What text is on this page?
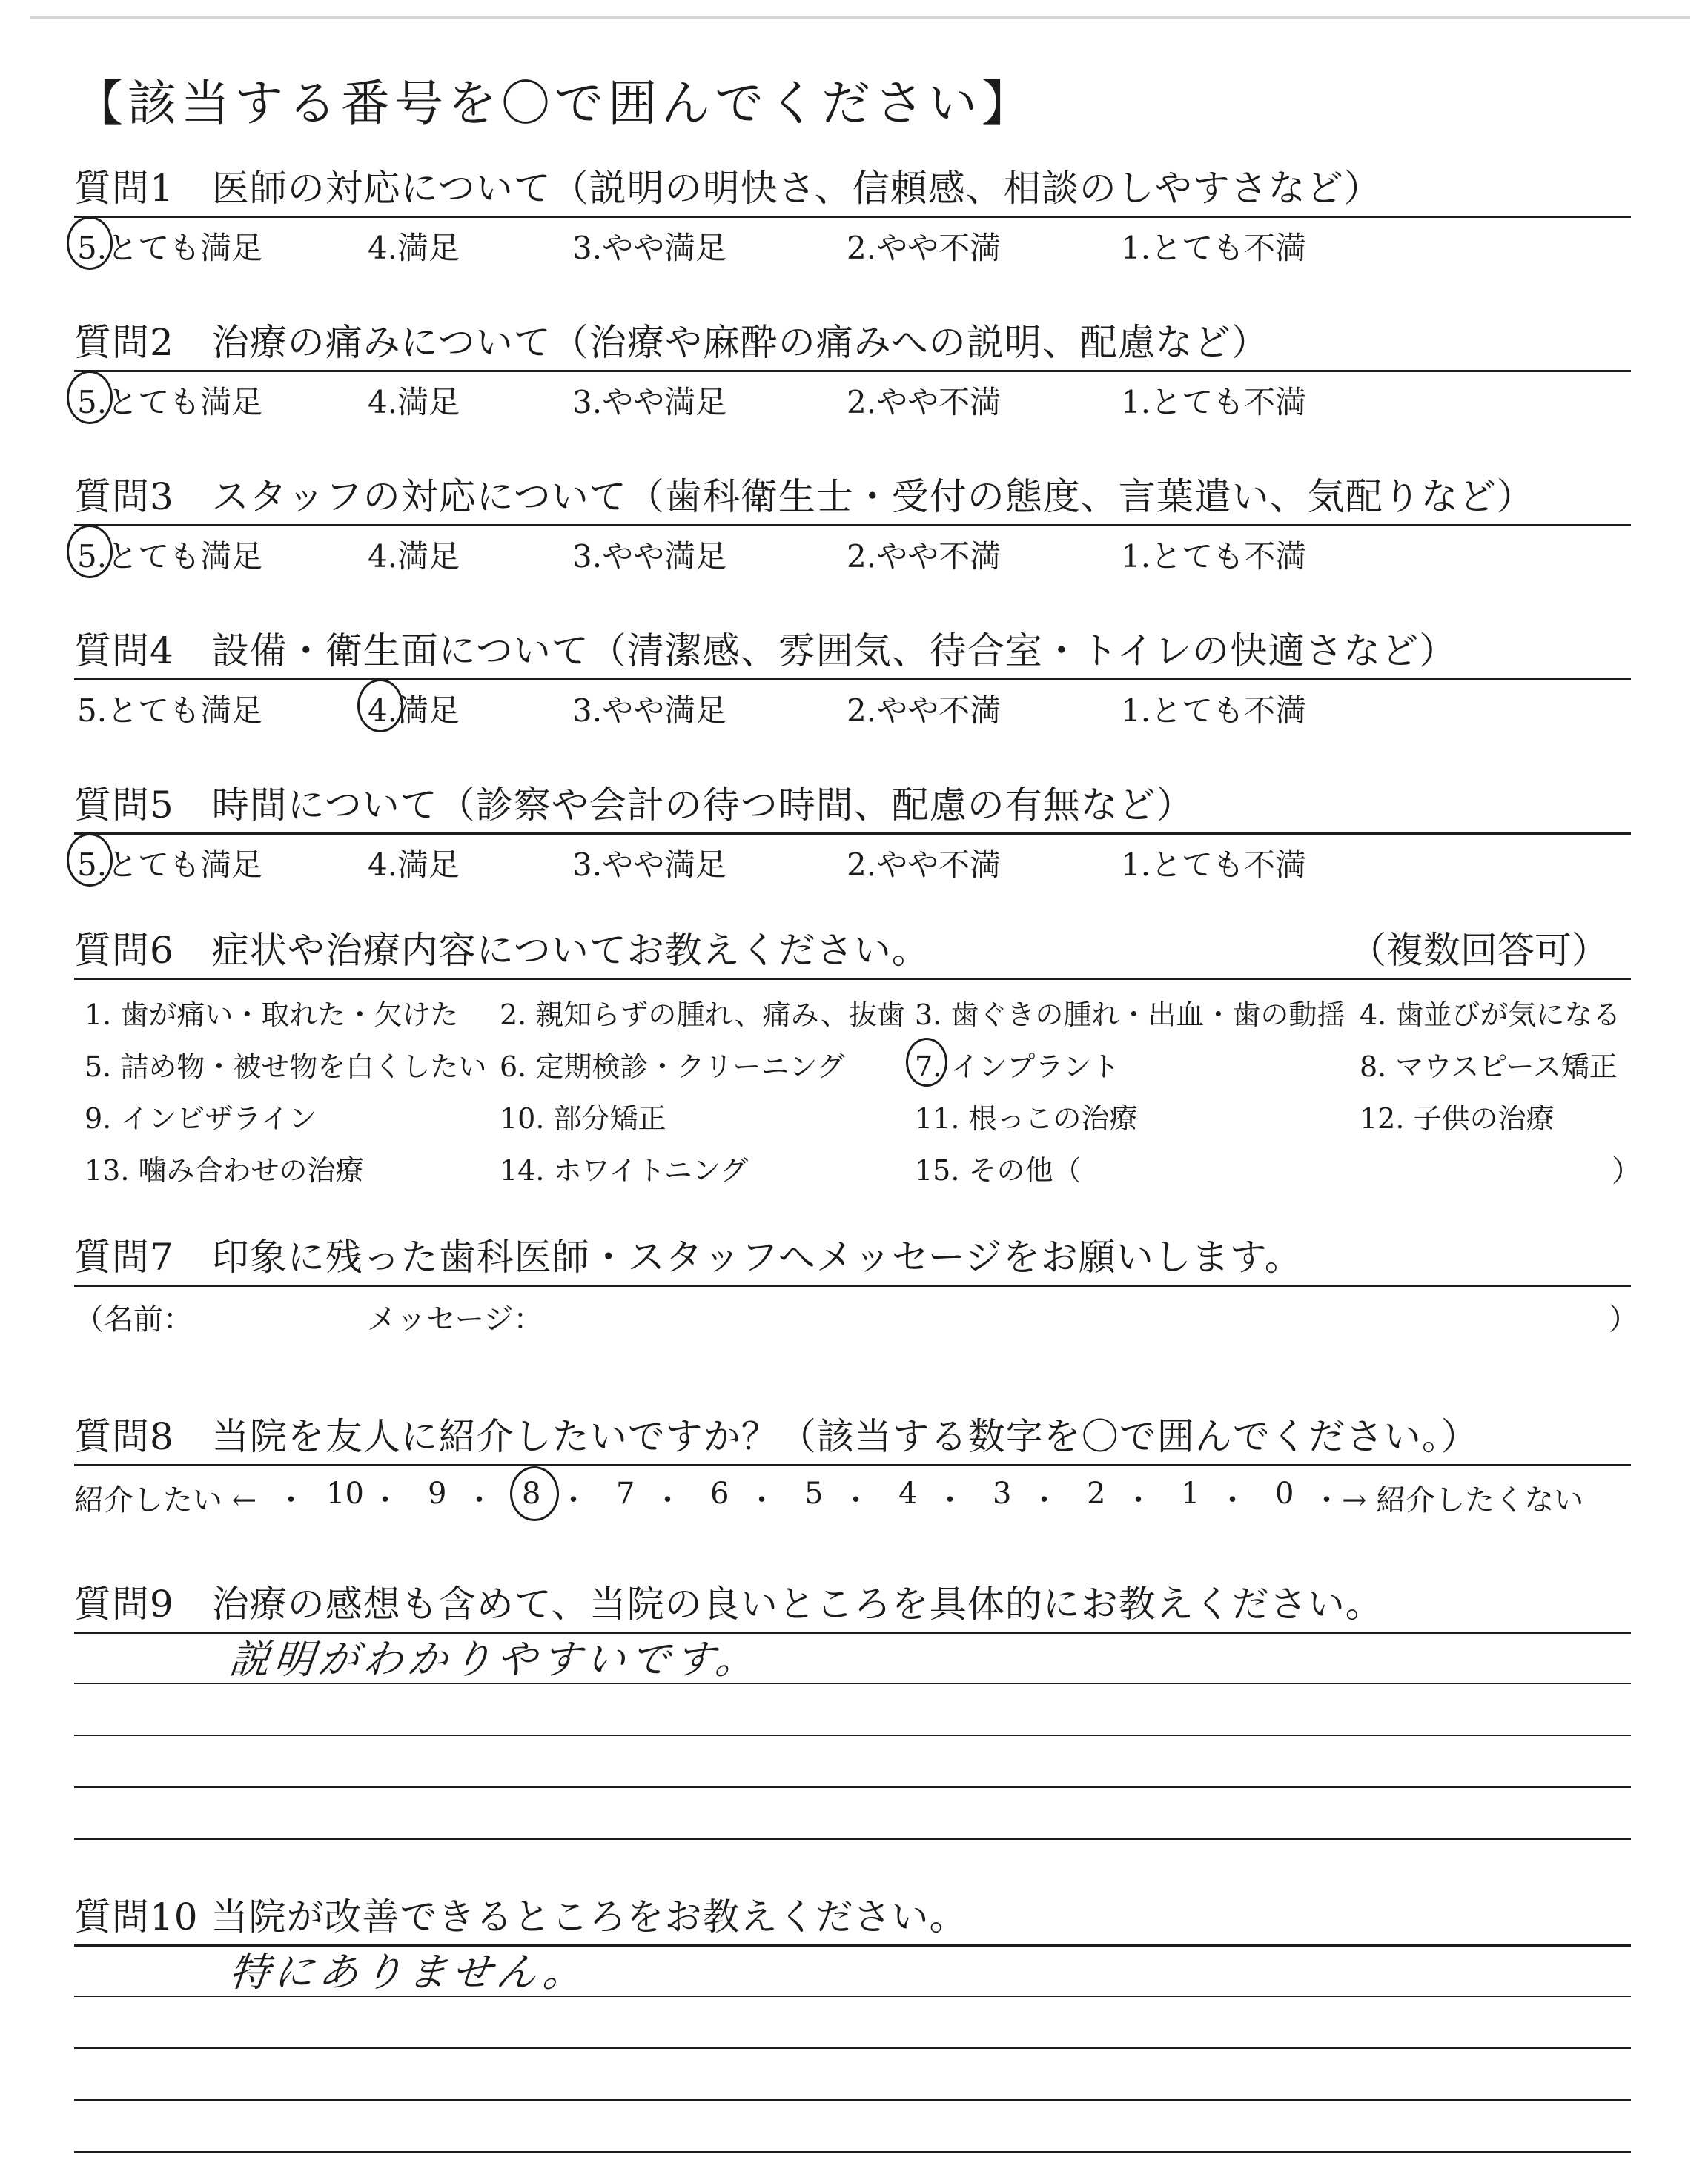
【該当する番号を〇で囲んでください】
質問1　医師の対応について（説明の明快さ、信頼感、相談のしやすさなど）
5.とても満足	4.満足	3.やや満足	2.やや不満	1.とても不満
質問2　治療の痛みについて（治療や麻酔の痛みへの説明、配慮など）
5.とても満足	4.満足	3.やや満足	2.やや不満	1.とても不満
質問3　スタッフの対応について（歯科衛生士・受付の態度、言葉遣い、気配りなど）
5.とても満足	4.満足	3.やや満足	2.やや不満	1.とても不満
質問4　設備・衛生面について（清潔感、雰囲気、待合室・トイレの快適さなど）
5.とても満足	4.満足	3.やや満足	2.やや不満	1.とても不満
質問5　時間について（診察や会計の待つ時間、配慮の有無など）
5.とても満足	4.満足	3.やや満足	2.やや不満	1.とても不満
質問6　症状や治療内容についてお教えください。	（複数回答可）
1. 歯が痛い・取れた・欠けた 2. 親知らずの腫れ、痛み、抜歯 3. 歯ぐきの腫れ・出血・歯の動揺 4. 歯並びが気になる
5. 詰め物・被せ物を白くしたい 6. 定期検診・クリーニング 7. インプラント	8. マウスピース矯正
9. インビザライン	10. 部分矯正	11. 根っこの治療	12. 子供の治療
13. 噛み合わせの治療	14. ホワイトニング	15. その他（	）
質問7　印象に残った歯科医師・スタッフへメッセージをお願いします。
（名前：	メッセージ：	）
質問8　当院を友人に紹介したいですか？（該当する数字を〇で囲んでください。）
紹介したい ←	→ 紹介したくない
10 ・ 9 ・ 8 ・ 7 ・ 6 ・ 5 ・ 4 ・ 3 ・ 2 ・ 1 ・ 0
・	・
質問9　治療の感想も含めて、当院の良いところを具体的にお教えください。
説明がわかりやすいです。
質問10 当院が改善できるところをお教えください。
特にありません。
